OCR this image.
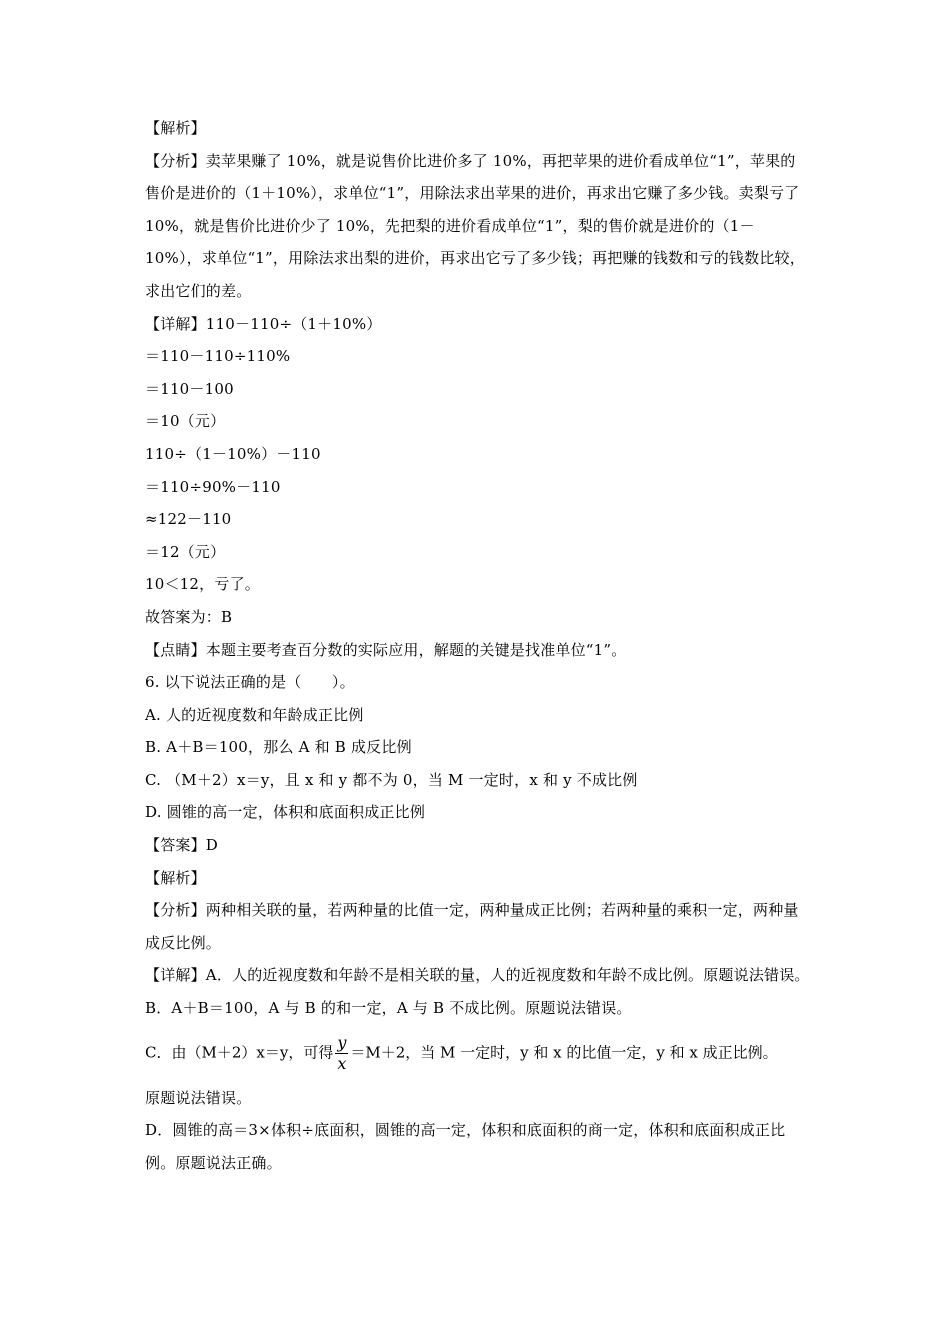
【解析】
【分析】卖苹果赚了 10%，就是说售价比进价多了 10%，再把苹果的进价看成单位“1”，苹果的售价是进价的（1＋10%），求单位“1”，用除法求出苹果的进价，再求出它赚了多少钱。卖梨亏了 10%，就是售价比进价少了 10%，先把梨的进价看成单位“1”，梨的售价就是进价的（1－10%），求单位“1”，用除法求出梨的进价，再求出它亏了多少钱；再把赚的钱数和亏的钱数比较，求出它们的差。
【详解】110－110÷（1＋10%）
＝110－110÷110%
＝110－100
＝10（元）
110÷（1－10%）－110
＝110÷90%－110
≈122－110
＝12（元）
10＜12，亏了。
故答案为：B
【点睛】本题主要考查百分数的实际应用，解题的关键是找准单位“1”。
6. 以下说法正确的是（　　）。
A. 人的近视度数和年龄成正比例
B. A＋B＝100，那么 A 和 B 成反比例
C. （M＋2）x＝y，且 x 和 y 都不为 0，当 M 一定时，x 和 y 不成比例
D. 圆锥的高一定，体积和底面积成正比例
【答案】D
【解析】
【分析】两种相关联的量，若两种量的比值一定，两种量成正比例；若两种量的乘积一定，两种量成反比例。
【详解】A．人的近视度数和年龄不是相关联的量，人的近视度数和年龄不成比例。原题说法错误。
B．A＋B＝100，A 与 B 的和一定，A 与 B 不成比例。原题说法错误。
C．由（M＋2）x＝y，可得 $\frac{y}{x} =M+2$，当 M 一定时，y 和 x 的比值一定，y 和 x 成正比例。
原题说法错误。
D．圆锥的高＝3×体积÷底面积，圆锥的高一定，体积和底面积的商一定，体积和底面积成正比例。原题说法正确。
